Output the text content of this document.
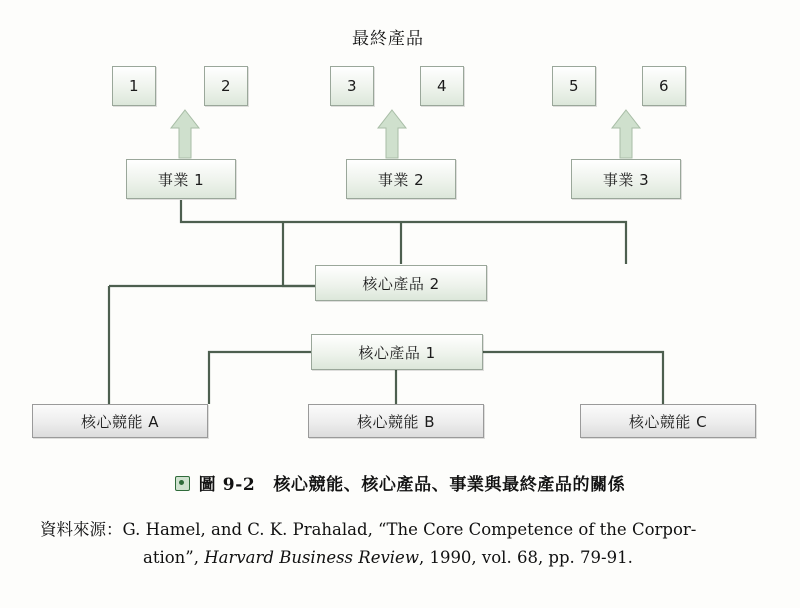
最終產品
1	2	3	4	5	6
事業 1	事業 2	事業 3
核心產品 2
核心產品 1
核心競能 A	核心競能 B	核心競能 C
圖 9-2 核心競能、核心產品、事業與最終產品的關係
資料來源：G. Hamel, and C. K. Prahalad, “The Core Competence of the Corpor-
ation”, Harvard Business Review, 1990, vol. 68, pp. 79-91.
